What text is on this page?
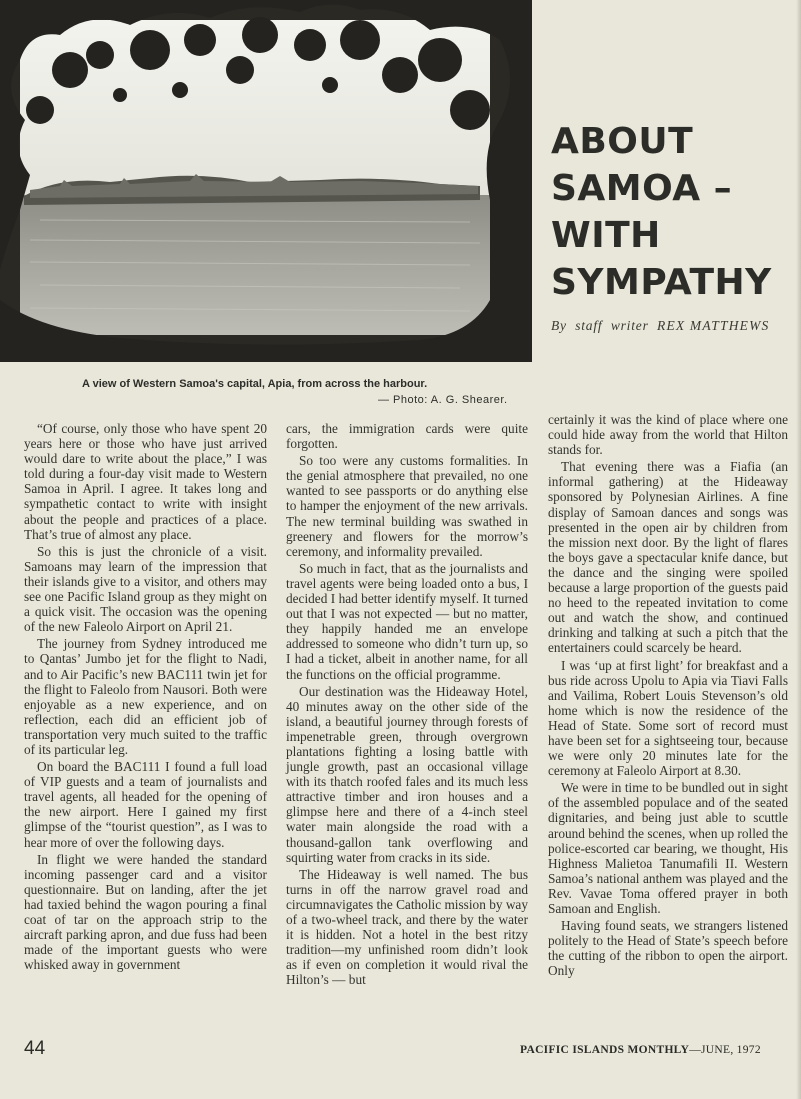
ABOUT
SAMOA –
WITH
SYMPATHY
By staff writer REX MATTHEWS
A view of Western Samoa's capital, Apia, from across the harbour.
— Photo: A. G. Shearer.

“Of course, only those who have spent 20 years here or those who have just arrived would dare to write about the place,” I was told during a four-day visit made to Western Samoa in April. I agree. It takes long and sympathetic contact to write with insight about the people and practices of a place. That’s true of almost any place.

So this is just the chronicle of a visit. Samoans may learn of the impression that their islands give to a visitor, and others may see one Pacific Island group as they might on a quick visit. The occasion was the opening of the new Faleolo Airport on April 21.

The journey from Sydney introduced me to Qantas’ Jumbo jet for the flight to Nadi, and to Air Pacific’s new BAC111 twin jet for the flight to Faleolo from Nausori. Both were enjoyable as a new experience, and on reflection, each did an efficient job of transportation very much suited to the traffic of its particular leg.

On board the BAC111 I found a full load of VIP guests and a team of journalists and travel agents, all headed for the opening of the new airport. Here I gained my first glimpse of the “tourist question”, as I was to hear more of over the following days.

In flight we were handed the standard incoming passenger card and a visitor questionnaire. But on landing, after the jet had taxied behind the wagon pouring a final coat of tar on the approach strip to the aircraft parking apron, and due fuss had been made of the important guests who were whisked away in government

cars, the immigration cards were quite forgotten.

So too were any customs formalities. In the genial atmosphere that prevailed, no one wanted to see passports or do anything else to hamper the enjoyment of the new arrivals. The new terminal building was swathed in greenery and flowers for the morrow’s ceremony, and informality prevailed.

So much in fact, that as the journalists and travel agents were being loaded onto a bus, I decided I had better identify myself. It turned out that I was not expected — but no matter, they happily handed me an envelope addressed to someone who didn’t turn up, so I had a ticket, albeit in another name, for all the functions on the official programme.

Our destination was the Hideaway Hotel, 40 minutes away on the other side of the island, a beautiful journey through forests of impenetrable green, through overgrown plantations fighting a losing battle with jungle growth, past an occasional village with its thatch roofed fales and its much less attractive timber and iron houses and a glimpse here and there of a 4-inch steel water main alongside the road with a thousand-gallon tank overflowing and squirting water from cracks in its side.

The Hideaway is well named. The bus turns in off the narrow gravel road and circumnavigates the Catholic mission by way of a two-wheel track, and there by the water it is hidden. Not a hotel in the best ritzy tradition—my unfinished room didn’t look as if even on completion it would rival the Hilton’s — but

certainly it was the kind of place where one could hide away from the world that Hilton stands for.

That evening there was a Fiafia (an informal gathering) at the Hideaway sponsored by Polynesian Airlines. A fine display of Samoan dances and songs was presented in the open air by children from the mission next door. By the light of flares the boys gave a spectacular knife dance, but the dance and the singing were spoiled because a large proportion of the guests paid no heed to the repeated invitation to come out and watch the show, and continued drinking and talking at such a pitch that the entertainers could scarcely be heard.

I was ‘up at first light’ for breakfast and a bus ride across Upolu to Apia via Tiavi Falls and Vailima, Robert Louis Stevenson’s old home which is now the residence of the Head of State. Some sort of record must have been set for a sightseeing tour, because we were only 20 minutes late for the ceremony at Faleolo Airport at 8.30.

We were in time to be bundled out in sight of the assembled populace and of the seated dignitaries, and being just able to scuttle around behind the scenes, when up rolled the police-escorted car bearing, we thought, His Highness Malietoa Tanumafili II. Western Samoa’s national anthem was played and the Rev. Vavae Toma offered prayer in both Samoan and English.

Having found seats, we strangers listened politely to the Head of State’s speech before the cutting of the ribbon to open the airport. Only

44	PACIFIC ISLANDS MONTHLY—JUNE, 1972
